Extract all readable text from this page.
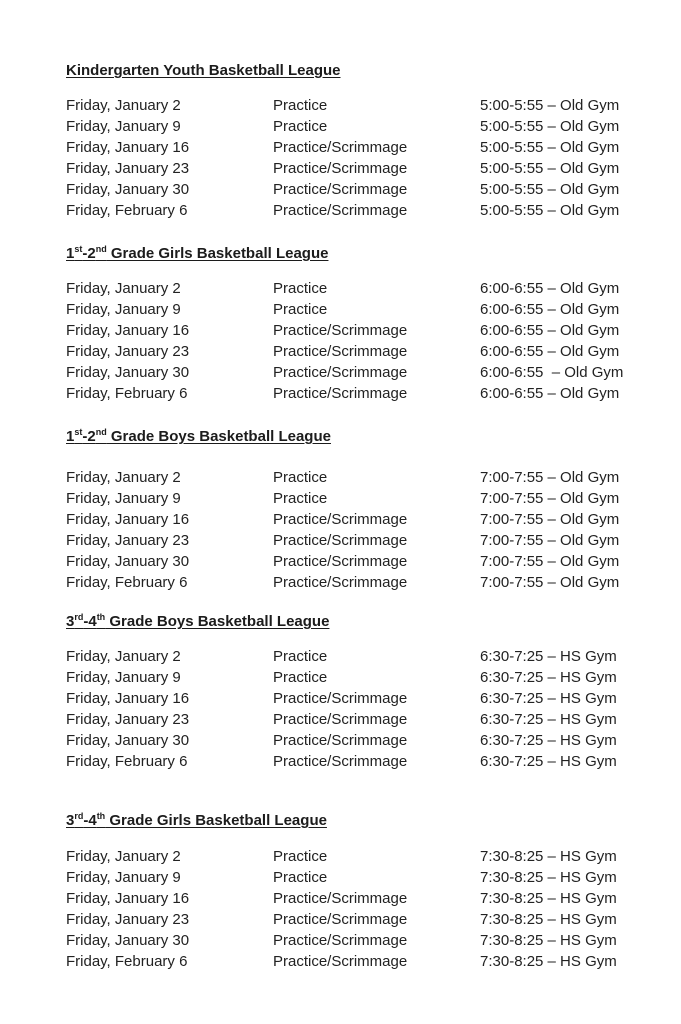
Kindergarten Youth Basketball League
Friday, January 2	Practice	5:00-5:55 – Old Gym
Friday, January 9	Practice	5:00-5:55 – Old Gym
Friday, January 16	Practice/Scrimmage	5:00-5:55 – Old Gym
Friday, January 23	Practice/Scrimmage	5:00-5:55 – Old Gym
Friday, January 30	Practice/Scrimmage	5:00-5:55 – Old Gym
Friday, February 6	Practice/Scrimmage	5:00-5:55 – Old Gym
1st-2nd Grade Girls Basketball League
Friday, January 2	Practice	6:00-6:55 – Old Gym
Friday, January 9	Practice	6:00-6:55 – Old Gym
Friday, January 16	Practice/Scrimmage	6:00-6:55 – Old Gym
Friday, January 23	Practice/Scrimmage	6:00-6:55 – Old Gym
Friday, January 30	Practice/Scrimmage	6:00-6:55  – Old Gym
Friday, February 6	Practice/Scrimmage	6:00-6:55 – Old Gym
1st-2nd Grade Boys Basketball League
Friday, January 2	Practice	7:00-7:55 – Old Gym
Friday, January 9	Practice	7:00-7:55 – Old Gym
Friday, January 16	Practice/Scrimmage	7:00-7:55 – Old Gym
Friday, January 23	Practice/Scrimmage	7:00-7:55 – Old Gym
Friday, January 30	Practice/Scrimmage	7:00-7:55 – Old Gym
Friday, February 6	Practice/Scrimmage	7:00-7:55 – Old Gym
3rd-4th Grade Boys Basketball League
Friday, January 2	Practice	6:30-7:25 – HS Gym
Friday, January 9	Practice	6:30-7:25 – HS Gym
Friday, January 16	Practice/Scrimmage	6:30-7:25 – HS Gym
Friday, January 23	Practice/Scrimmage	6:30-7:25 – HS Gym
Friday, January 30	Practice/Scrimmage	6:30-7:25 – HS Gym
Friday, February 6	Practice/Scrimmage	6:30-7:25 – HS Gym
3rd-4th Grade Girls Basketball League
Friday, January 2	Practice	7:30-8:25 – HS Gym
Friday, January 9	Practice	7:30-8:25 – HS Gym
Friday, January 16	Practice/Scrimmage	7:30-8:25 – HS Gym
Friday, January 23	Practice/Scrimmage	7:30-8:25 – HS Gym
Friday, January 30	Practice/Scrimmage	7:30-8:25 – HS Gym
Friday, February 6	Practice/Scrimmage	7:30-8:25 – HS Gym
